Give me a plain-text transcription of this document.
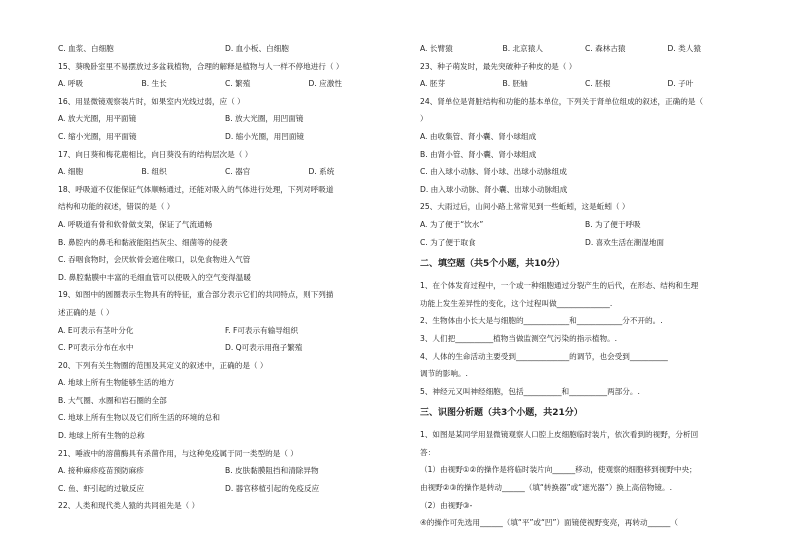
C. 血浆、白细胞	D. 血小板、白细胞
15、葵晚卧室里不易摆放过多盆栽植物，合理的解释是植物与人一样不停地进行（ ）
A. 呼吸	B. 生长	C. 繁殖	D. 应激性
16、用显微镜观察装片时，如果室内光线过弱，应（ ）
A. 放大光圈，用平面镜	B. 放大光圈，用凹面镜
C. 缩小光圈，用平面镜	D. 缩小光圈，用凹面镜
17、向日葵和梅花鹿相比，向日葵没有的结构层次是（ ）
A. 细胞	B. 组织	C. 器官	D. 系统
18、呼吸道不仅能保证气体顺畅通过，还能对吸入的气体进行处理，下列对呼吸道
结构和功能的叙述，错误的是（ ）
A. 呼吸道有骨和软骨做支架，保证了气流通畅
B. 鼻腔内的鼻毛和黏液能阻挡灰尘、细菌等的侵袭
C. 吞咽食物时，会厌软骨会遮住喉口，以免食物进入气管
D. 鼻腔黏膜中丰富的毛细血管可以使吸入的空气变得温暖
19、如图中的圆圈表示生物具有的特征，重合部分表示它们的共同特点，则下列描
述正确的是（ ）
A. E可表示有茎叶分化	F. F可表示有输导组织
C. P可表示分布在水中	D. Q可表示用孢子繁殖
20、下列有关生物圈的范围及其定义的叙述中，正确的是（ ）
A. 地球上所有生物能够生活的地方
B. 大气圈、水圈和岩石圈的全部
C. 地球上所有生物以及它们所生活的环境的总和
D. 地球上所有生物的总称
21、唾液中的溶菌酶具有杀菌作用，与这种免疫属于同一类型的是（ ）
A. 接种麻疹疫苗预防麻疹	B. 皮肤黏膜阻挡和清除异物
C. 鱼、虾引起的过敏反应	D. 器官移植引起的免疫反应
22、人类和现代类人猿的共同祖先是（ ）
A. 长臂猿	B. 北京猿人	C. 森林古猿	D. 类人猿
23、种子萌发时，最先突破种子种皮的是（ ）
A. 胚芽	B. 胚轴	C. 胚根	D. 子叶
24、肾单位是肾脏结构和功能的基本单位，下列关于肾单位组成的叙述，正确的是（
）
A. 由收集管、肾小囊、肾小球组成
B. 由肾小管、肾小囊、肾小球组成
C. 由入球小动脉、肾小球、出球小动脉组成
D. 由入球小动脉、肾小囊、出球小动脉组成
25、大雨过后，山间小路上常常见到一些蚯蚓，这是蚯蚓（ ）
A. 为了便于“饮水”	B. 为了便于呼吸
C. 为了便于取食	D. 喜欢生活在潮湿地面
二、填空题（共5个小题，共10分）
1、在个体发育过程中，一个或一种细胞通过分裂产生的后代，在形态、结构和生理
功能上发生差异性的变化，这个过程叫做______________.
2、生物体由小长大是与细胞的____________和____________分不开的。.
3、人们把__________植物当做监测空气污染的指示植物。.
4、人体的生命活动主要受到______________的调节，也会受到__________
调节的影响。.
5、神经元又叫神经细胞，包括__________和__________两部分。.
三、识图分析题（共3个小题，共21分）
1、如图是某同学用显微镜观察人口腔上皮细胞临时装片，依次看到的视野，分析回
答：
（1）由视野①②的操作是将临时装片向______移动，使观察的细胞移到视野中央；
由视野②③的操作是转动______（填“转换器”或“遮光器”）换上高倍物镜。.
（2）由视野③-
④的操作可先选用______（填“平”或“凹”）面镜使视野变亮，再转动______（
